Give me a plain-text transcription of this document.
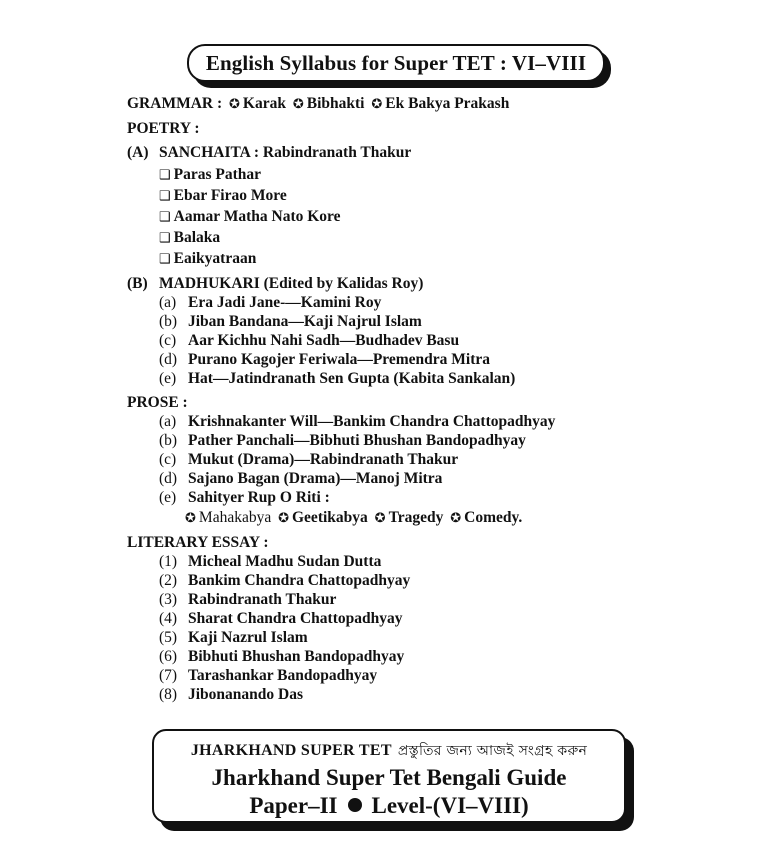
English Syllabus for Super TET : VI–VIII
GRAMMAR : ✪ Karak ✪ Bibhakti ✪ Ek Bakya Prakash
POETRY :
(A) SANCHAITA : Rabindranath Thakur
❑ Paras Pathar
❑ Ebar Firao More
❑ Aamar Matha Nato Kore
❑ Balaka
❑ Eaikyatraan
(B) MADHUKARI (Edited by Kalidas Roy)
(a) Era Jadi Jane-—Kamini Roy
(b) Jiban Bandana—Kaji Najrul Islam
(c) Aar Kichhu Nahi Sadh—Budhadev Basu
(d) Purano Kagojer Feriwala—Premendra Mitra
(e) Hat—Jatindranath Sen Gupta (Kabita Sankalan)
PROSE :
(a) Krishnakanter Will—Bankim Chandra Chattopadhyay
(b) Pather Panchali—Bibhuti Bhushan Bandopadhyay
(c) Mukut (Drama)—Rabindranath Thakur
(d) Sajano Bagan (Drama)—Manoj Mitra
(e) Sahityer Rup O Riti :
✪ Mahakabya ✪ Geetikabya ✪ Tragedy ✪ Comedy.
LITERARY ESSAY :
(1) Micheal Madhu Sudan Dutta
(2) Bankim Chandra Chattopadhyay
(3) Rabindranath Thakur
(4) Sharat Chandra Chattopadhyay
(5) Kaji Nazrul Islam
(6) Bibhuti Bhushan Bandopadhyay
(7) Tarashankar Bandopadhyay
(8) Jibonanando Das
JHARKHAND SUPER TET প্রস্তুতির জন্য আজই সংগ্রহ করুন
Jharkhand Super Tet Bengali Guide
Paper–II Level-(VI–VIII)
